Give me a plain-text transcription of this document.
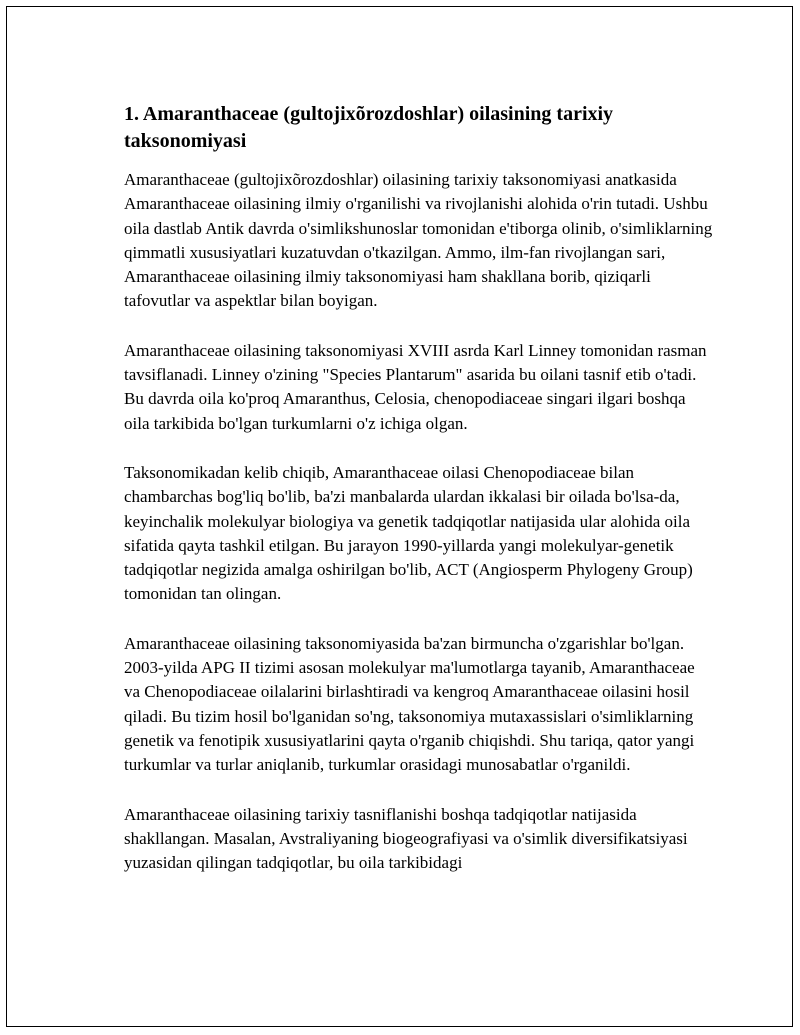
1. Amaranthaceae (gultojixõrozdoshlar) oilasining tarixiy taksonomiyasi

Amaranthaceae (gultojixõrozdoshlar) oilasining tarixiy taksonomiyasi anatkasida Amaranthaceae oilasining ilmiy o'rganilishi va rivojlanishi alohida o'rin tutadi. Ushbu oila dastlab Antik davrda o'simlikshunoslar tomonidan e'tiborga olinib, o'simliklarning qimmatli xususiyatlari kuzatuvdan o'tkazilgan. Ammo, ilm-fan rivojlangan sari, Amaranthaceae oilasining ilmiy taksonomiyasi ham shakllana borib, qiziqarli tafovutlar va aspektlar bilan boyigan.

Amaranthaceae oilasining taksonomiyasi XVIII asrda Karl Linney tomonidan rasman tavsiflanadi. Linney o'zining "Species Plantarum" asarida bu oilani tasnif etib o'tadi. Bu davrda oila ko'proq Amaranthus, Celosia, chenopodiaceae singari ilgari boshqa oila tarkibida bo'lgan turkumlarni o'z ichiga olgan.

Taksonomikadan kelib chiqib, Amaranthaceae oilasi Chenopodiaceae bilan chambarchas bog'liq bo'lib, ba'zi manbalarda ulardan ikkalasi bir oilada bo'lsa-da, keyinchalik molekulyar biologiya va genetik tadqiqotlar natijasida ular alohida oila sifatida qayta tashkil etilgan. Bu jarayon 1990-yillarda yangi molekulyar-genetik tadqiqotlar negizida amalga oshirilgan bo'lib, ACT (Angiosperm Phylogeny Group) tomonidan tan olingan.

Amaranthaceae oilasining taksonomiyasida ba'zan birmuncha o'zgarishlar bo'lgan. 2003-yilda APG II tizimi asosan molekulyar ma'lumotlarga tayanib, Amaranthaceae va Chenopodiaceae oilalarini birlashtiradi va kengroq Amaranthaceae oilasini hosil qiladi. Bu tizim hosil bo'lganidan so'ng, taksonomiya mutaxassislari o'simliklarning genetik va fenotipik xususiyatlarini qayta o'rganib chiqishdi. Shu tariqa, qator yangi turkumlar va turlar aniqlanib, turkumlar orasidagi munosabatlar o'rganildi.

Amaranthaceae oilasining tarixiy tasniflanishi boshqa tadqiqotlar natijasida shakllangan. Masalan, Avstraliyaning biogeografiyasi va o'simlik diversifikatsiyasi yuzasidan qilingan tadqiqotlar, bu oila tarkibidagi
